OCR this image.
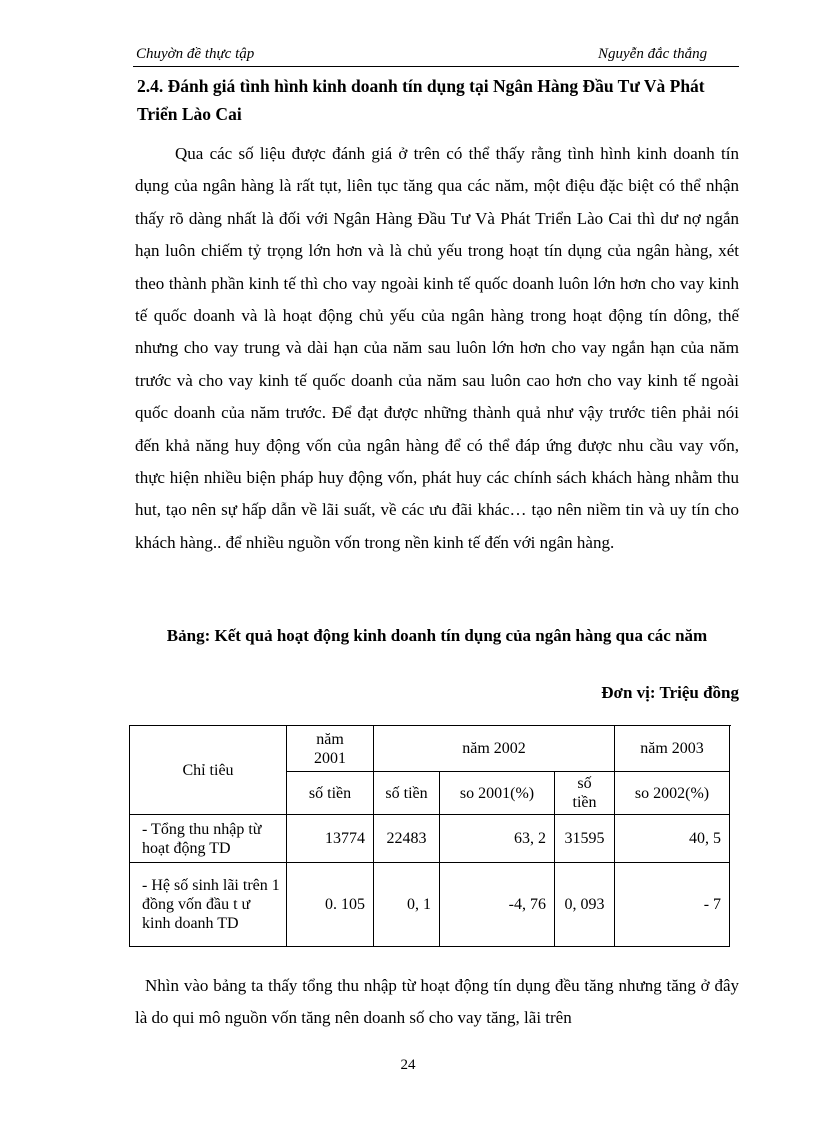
Chuyờn đề thực tập	Nguyễn đắc thắng
2.4. Đánh giá tình hình kinh doanh tín dụng tại Ngân Hàng Đầu Tư Và Phát Triển Lào Cai

Qua các số liệu được đánh giá ở trên có thể thấy rằng tình hình kinh doanh tín dụng của ngân hàng là rất tụt, liên tục tăng qua các năm, một điệu đặc biệt có thể nhận thấy rõ dàng nhất là đối với Ngân Hàng Đầu Tư Và Phát Triển Lào Cai thì dư nợ ngắn hạn luôn chiếm tỷ trọng lớn hơn và là chủ yếu trong hoạt tín dụng của ngân hàng, xét theo thành phần kinh tế thì cho vay ngoài kinh tế quốc doanh luôn lớn hơn cho vay kinh tế quốc doanh và là hoạt động chủ yếu của ngân hàng trong hoạt động tín dông, thế nhưng cho vay trung và dài hạn của năm sau luôn lớn hơn cho vay ngắn hạn của năm trước và cho vay kinh tế quốc doanh của năm sau luôn cao hơn cho vay kinh tế ngoài quốc doanh của năm trước. Để đạt được những thành quả như vậy trước tiên phải nói đến khả năng huy động vốn của ngân hàng để có thể đáp ứng được nhu cầu vay vốn, thực hiện nhiều biện pháp huy động vốn, phát huy các chính sách khách hàng nhằm thu hut, tạo nên sự hấp dẫn về lãi suất, về các ưu đãi khác… tạo nên niềm tin và uy tín cho khách hàng.. để nhiều nguồn vốn trong nền kinh tế đến với ngân hàng.

Bảng: Kết quả hoạt động kinh doanh tín dụng của ngân hàng qua các năm
Đơn vị: Triệu đồng
Chỉ tiêu	năm 2001	năm 2002			năm 2003
	số tiền	số tiền	so 2001(%)	số tiền	so 2002(%)
- Tổng thu nhập từ hoạt động TD	13774	22483	63, 2	31595	40, 5
- Hệ số sinh lãi trên 1 đồng vốn đầu t ư kinh doanh TD	0. 105	0, 1	-4, 76	0, 093	- 7

Nhìn vào bảng ta thấy tổng thu nhập từ hoạt động tín dụng đều tăng nhưng tăng ở đây là do qui mô nguồn vốn tăng nên doanh số cho vay tăng, lãi trên

24
